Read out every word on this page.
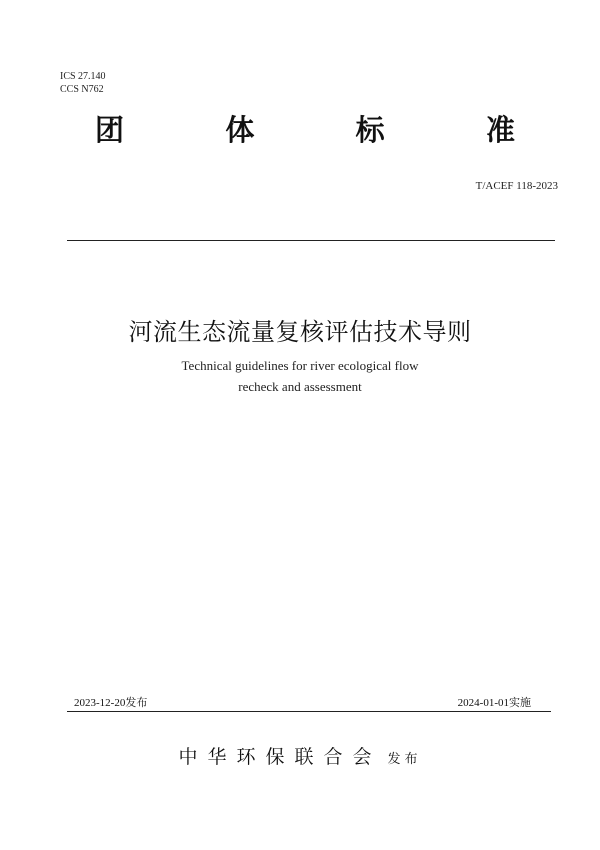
ICS 27.140
CCS N762
团	体	标	准
T/ACEF 118-2023
河流生态流量复核评估技术导则
Technical guidelines for river ecological flow
recheck and assessment
2023-12-20发布	2024-01-01实施
中华环保联合会 发布
